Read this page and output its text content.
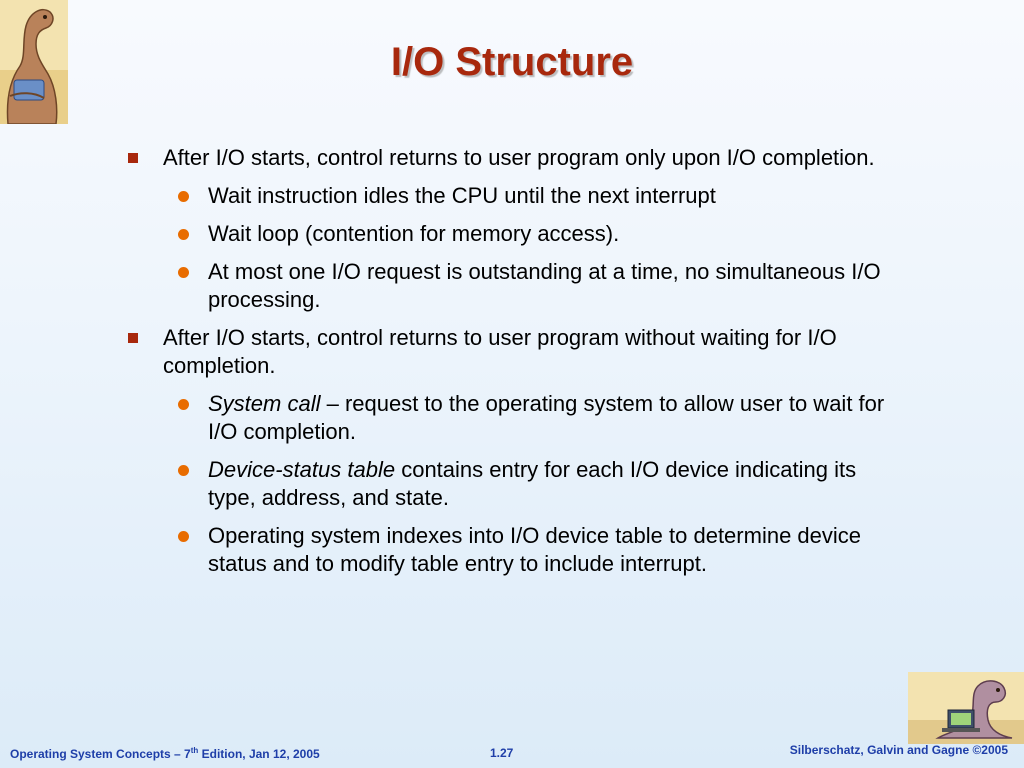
I/O Structure
After I/O starts, control returns to user program only upon I/O completion.
Wait instruction idles the CPU until the next interrupt
Wait loop (contention for memory access).
At most one I/O request is outstanding at a time, no simultaneous I/O processing.
After I/O starts, control returns to user program without waiting for I/O completion.
System call – request to the operating system to allow user to wait for I/O completion.
Device-status table contains entry for each I/O device indicating its type, address, and state.
Operating system indexes into I/O device table to determine device status and to modify table entry to include interrupt.
Operating System Concepts – 7th Edition, Jan 12, 2005	1.27	Silberschatz, Galvin and Gagne ©2005
